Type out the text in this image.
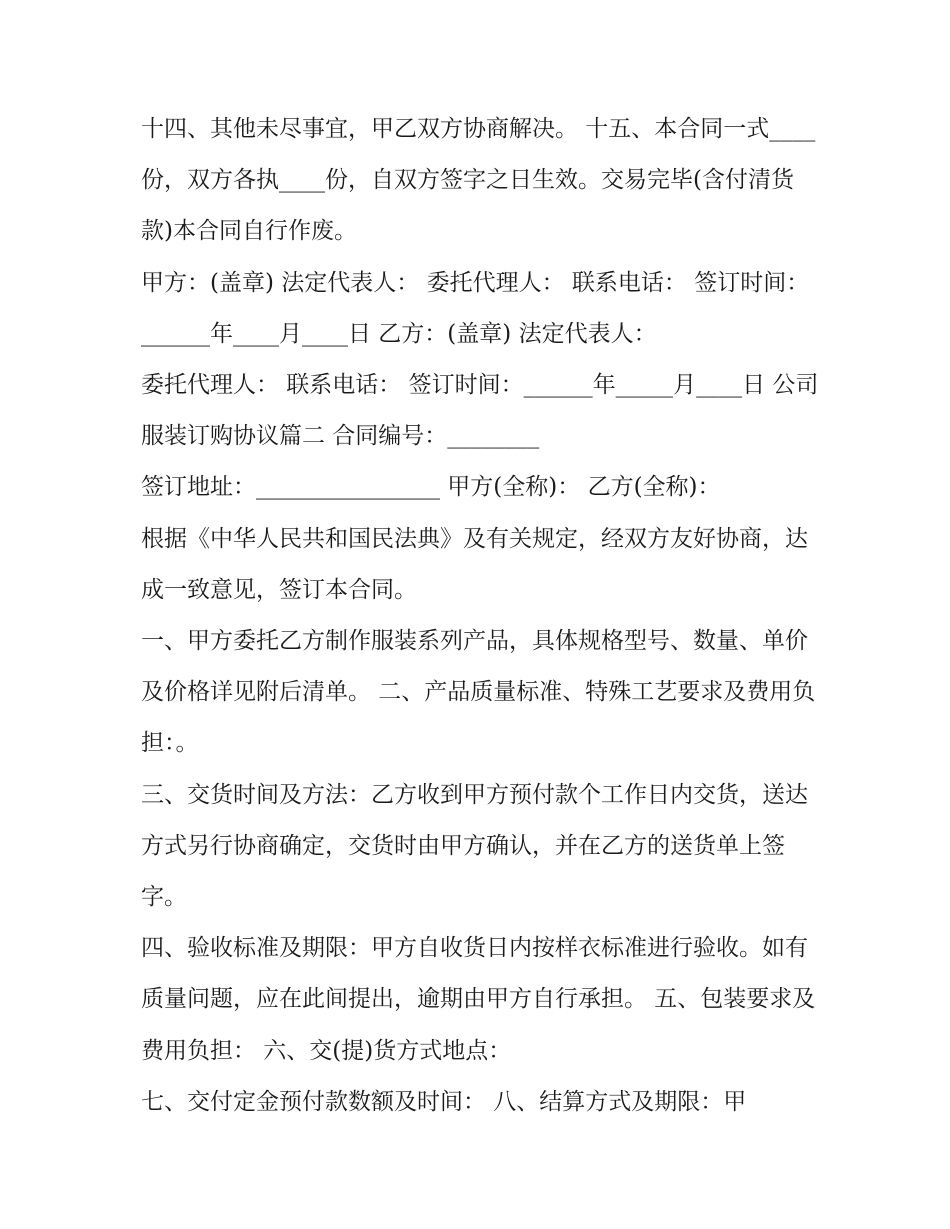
十四、其他未尽事宜，甲乙双方协商解决。 十五、本合同一式____份，双方各执____份，自双方签字之日生效。交易完毕(含付清货款)本合同自行作废。

甲方：(盖章) 法定代表人： 委托代理人： 联系电话： 签订时间：______年____月____日 乙方：(盖章) 法定代表人：

委托代理人： 联系电话： 签订时间：______年_____月____日 公司服装订购协议篇二 合同编号：________

签订地址：________________ 甲方(全称)： 乙方(全称)：

根据《中华人民共和国民法典》及有关规定，经双方友好协商，达成一致意见，签订本合同。

一、甲方委托乙方制作服装系列产品，具体规格型号、数量、单价及价格详见附后清单。 二、产品质量标准、特殊工艺要求及费用负担：。

三、交货时间及方法：乙方收到甲方预付款个工作日内交货，送达方式另行协商确定，交货时由甲方确认，并在乙方的送货单上签字。

四、验收标准及期限：甲方自收货日内按样衣标准进行验收。如有质量问题，应在此间提出，逾期由甲方自行承担。 五、包装要求及费用负担： 六、交(提)货方式地点：

七、交付定金预付款数额及时间： 八、结算方式及期限：甲
